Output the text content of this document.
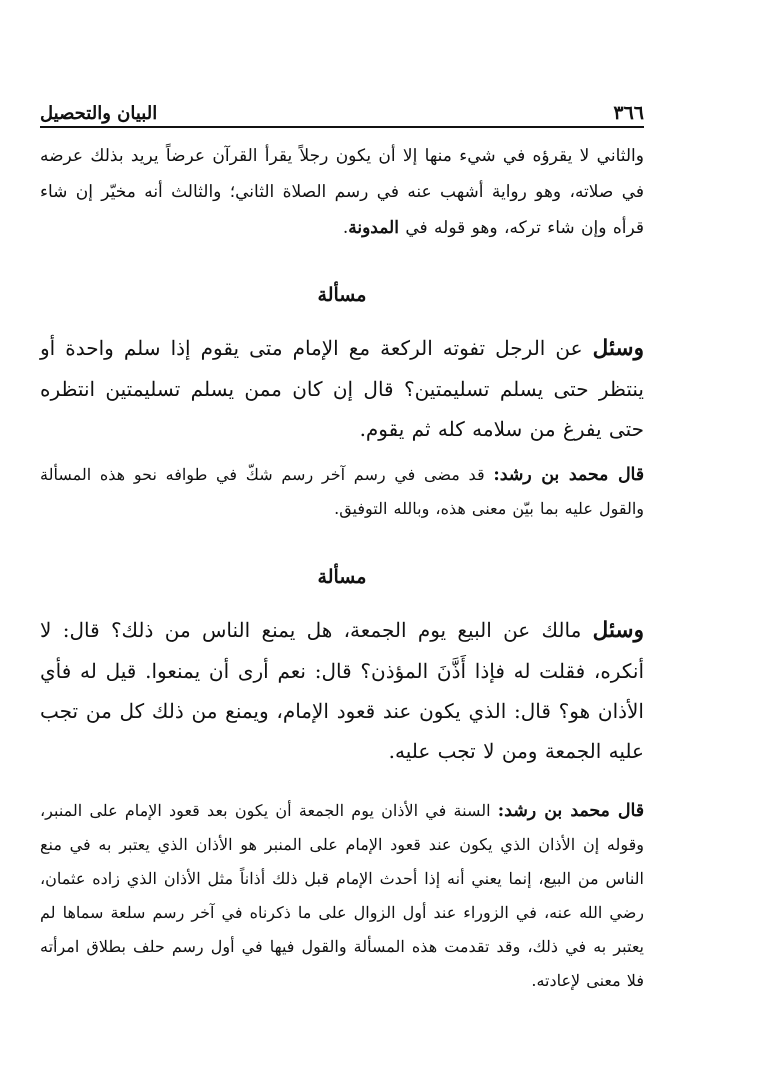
٣٦٦
البيان والتحصيل

والثاني لا يقرؤه في شيء منها إلا أن يكون رجلاً يقرأ القرآن عرضاً يريد بذلك عرضه في صلاته، وهو رواية أشهب عنه في رسم الصلاة الثاني؛ والثالث أنه مخيّر إن شاء قرأه وإن شاء تركه، وهو قوله في المدونة.

مسألة

وسئل عن الرجل تفوته الركعة مع الإمام متى يقوم إذا سلم واحدة أو ينتظر حتى يسلم تسليمتين؟ قال إن كان ممن يسلم تسليمتين انتظره حتى يفرغ من سلامه كله ثم يقوم.

قال محمد بن رشد: قد مضى في رسم آخر رسم شكّ في طوافه نحو هذه المسألة والقول عليه بما بيّن معنى هذه، وبالله التوفيق.

مسألة

وسئل مالك عن البيع يوم الجمعة، هل يمنع الناس من ذلك؟ قال: لا أنكره، فقلت له فإذا أَذَّنَ المؤذن؟ قال: نعم أرى أن يمنعوا. قيل له فأي الأذان هو؟ قال: الذي يكون عند قعود الإمام، ويمنع من ذلك كل من تجب عليه الجمعة ومن لا تجب عليه.

قال محمد بن رشد: السنة في الأذان يوم الجمعة أن يكون بعد قعود الإمام على المنبر، وقوله إن الأذان الذي يكون عند قعود الإمام على المنبر هو الأذان الذي يعتبر به في منع الناس من البيع، إنما يعني أنه إذا أحدث الإمام قبل ذلك أذاناً مثل الأذان الذي زاده عثمان، رضي الله عنه، في الزوراء عند أول الزوال على ما ذكرناه في آخر رسم سلعة سماها لم يعتبر به في ذلك، وقد تقدمت هذه المسألة والقول فيها في أول رسم حلف بطلاق امرأته فلا معنى لإعادته.
